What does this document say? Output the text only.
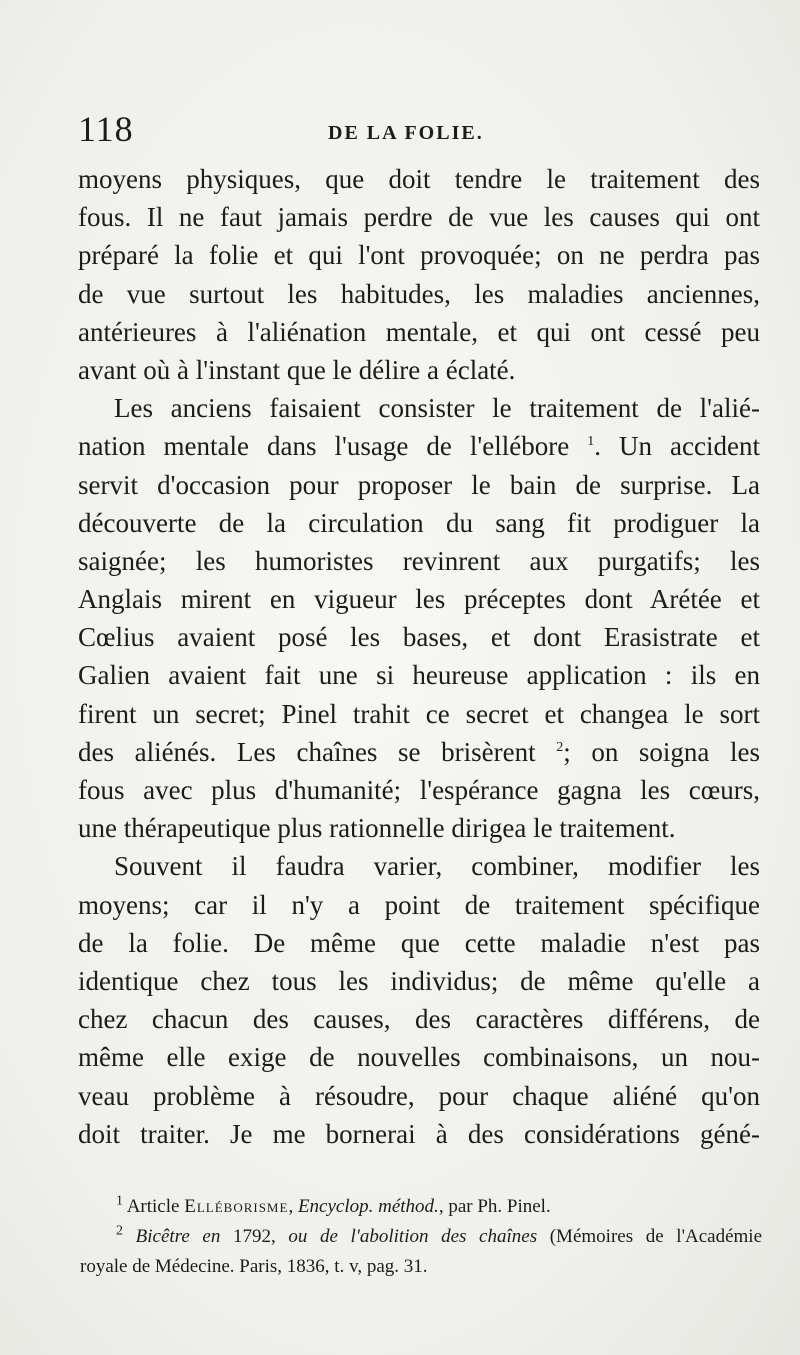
118	DE LA FOLIE.
moyens physiques, que doit tendre le traitement des
fous. Il ne faut jamais perdre de vue les causes qui ont
préparé la folie et qui l'ont provoquée; on ne perdra pas
de vue surtout les habitudes, les maladies anciennes,
antérieures à l'aliénation mentale, et qui ont cessé peu
avant où à l'instant que le délire a éclaté.
Les anciens faisaient consister le traitement de l'alié-
nation mentale dans l'usage de l'ellébore $^1$. Un accident
servit d'occasion pour proposer le bain de surprise. La
découverte de la circulation du sang fit prodiguer la
saignée; les humoristes revinrent aux purgatifs; les
Anglais mirent en vigueur les préceptes dont Arétée et
Cœlius avaient posé les bases, et dont Erasistrate et
Galien avaient fait une si heureuse application : ils en
firent un secret; Pinel trahit ce secret et changea le sort
des aliénés. Les chaînes se brisèrent $^2$; on soigna les
fous avec plus d'humanité; l'espérance gagna les cœurs,
une thérapeutique plus rationnelle dirigea le traitement.
Souvent il faudra varier, combiner, modifier les
moyens; car il n'y a point de traitement spécifique
de la folie. De même que cette maladie n'est pas
identique chez tous les individus; de même qu'elle a
chez chacun des causes, des caractères différens, de
même elle exige de nouvelles combinaisons, un nou-
veau problème à résoudre, pour chaque aliéné qu'on
doit traiter. Je me bornerai à des considérations géné-
$^1$ Article Elléborisme, Encyclop. méthod., par Ph. Pinel.
$^2$ Bicêtre en 1792, ou de l'abolition des chaînes (Mémoires de l'Académie
royale de Médecine. Paris, 1836, t. v, pag. 31.
